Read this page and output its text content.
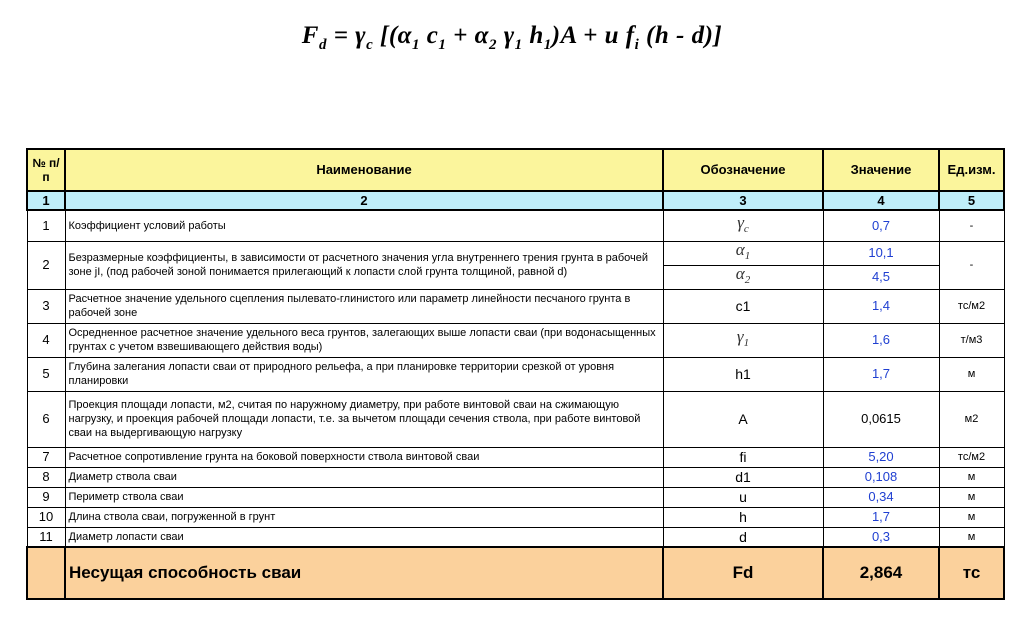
$F_d = \gamma_c$ [($\alpha_1$ $c_1 + \alpha_2$ $\gamma_1$ $h_1)A + u$ $f_i$ (h - d)]
№ п/п	Наименование	Обозначение	Значение	Ед.изм.
1	2	3	4	5
1	Коэффициент условий работы	$\gamma_c$	0,7	-
2	Безразмерные коэффициенты, в зависимости от расчетного значения угла внутреннего трения грунта в рабочей зоне jI, (под рабочей зоной понимается прилегающий к лопасти слой грунта толщиной, равной d)	$\alpha_1$	10,1	-
		$\alpha_2$	4,5	
3	Расчетное значение удельного сцепления пылевато-глинистого или параметр линейности песчаного грунта в рабочей зоне	c1	1,4	тс/м2
4	Осредненное расчетное значение удельного веса грунтов, залегающих выше лопасти сваи (при водонасыщенных грунтах с учетом взвешивающего действия воды)	$\gamma_1$	1,6	т/м3
5	Глубина залегания лопасти сваи от природного рельефа, а при планировке территории срезкой от уровня планировки	h1	1,7	м
6	Проекция площади лопасти, м2, считая по наружному диаметру, при работе винтовой сваи на сжимающую нагрузку, и проекция рабочей площади лопасти, т.е. за вычетом площади сечения ствола, при работе винтовой сваи на выдергивающую нагрузку	A	0,0615	м2
7	Расчетное сопротивление грунта на боковой поверхности ствола винтовой сваи	fi	5,20	тс/м2
8	Диаметр ствола сваи	d1	0,108	м
9	Периметр ствола сваи	u	0,34	м
10	Длина ствола сваи, погруженной в грунт	h	1,7	м
11	Диаметр лопасти сваи	d	0,3	м
	Несущая способность сваи	Fd	2,864	тс
